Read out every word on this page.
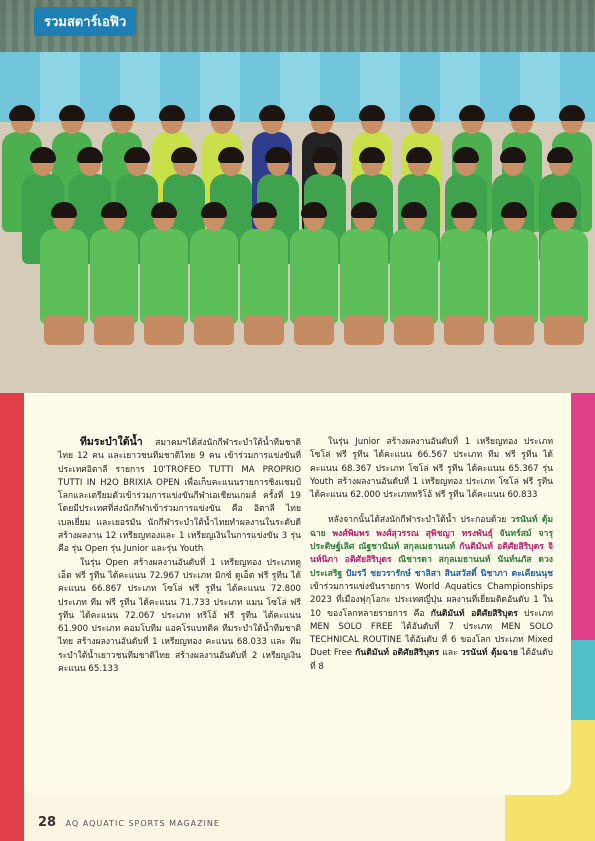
รวมสตาร์เอฟิว

ทีมระบำใต้น้ำ สมาคมฯได้ส่งนักกีฬาระบำใต้น้ำทีมชาติไทย 12 คน และเยาวชนทีมชาติไทย 9 คน เข้าร่วมการแข่งขันที่ประเทศอิตาลี รายการ 10'TROFEO TUTTI MA PROPRIO TUTTI IN H2O BRIXIA OPEN เพื่อเก็บคะแนนรายการชิงแชมป์โลกและเตรียมตัวเข้าร่วมการแข่งขันกีฬาเอเชียนเกมส์ ครั้งที่ 19 โดยมีประเทศที่ส่งนักกีฬาเข้าร่วมการแข่งขัน คือ อิตาลี ไทย เบลเยี่ยม และเยอรมัน นักกีฬาระบำใต้น้ำไทยทำผลงานในระดับดีสร้างผลงาน 12 เหรียญทองและ 1 เหรียญเงินในการแข่งขัน 3 รุ่น คือ รุ่น Open รุ่น Junior และรุ่น Youth

ในรุ่น Open สร้างผลงานอันดับที่ 1 เหรียญทอง ประเภทดูเอ็ต ฟรี รูทีน ได้คะแนน 72.967 ประเภท มิกซ์ ดูเอ็ต ฟรี รูทีน ได้คะแนน 66.867 ประเภท โซโล่ ฟรี รูทีน ได้คะแนน 72.800 ประเภท ทีม ฟรี รูทีน ได้คะแนน 71.733 ประเภท แมน โซโล่ ฟรี รูทีน ได้คะแนน 72.067 ประเภท ทริโอ้ ฟรี รูทีน ได้คะแนน 61.900 ประเภท คอมโบทีม แอคโรแบทติค ทีมระบำใต้น้ำทีมชาติไทย สร้างผลงานอันดับที่ 1 เหรียญทอง คะแนน 68.033 และ ทีมระบำใต้น้ำเยาวชนทีมชาติไทย สร้างผลงานอันดับที่ 2 เหรียญเงิน คะแนน 65.133

ในรุ่น Junior สร้างผลงานอันดับที่ 1 เหรียญทอง ประเภทโซโล่ ฟรี รูทีน ได้คะแนน 66.567 ประเภท ทีม ฟรี รูทีน ได้คะแนน 68.367 ประเภท โซโล่ ฟรี รูทีน ได้คะแนน 65.367 รุ่น Youth สร้างผลงานอันดับที่ 1 เหรียญทอง ประเภท โซโล่ ฟรี รูทีน ได้คะแนน 62.000 ประเภททริโอ้ ฟรี รูทีน ได้คะแนน 60.833

หลังจากนั้นได้ส่งนักกีฬาระบำใต้น้ำ ประกอบด้วย วรนันท์ ตุ้มฉาย พงศ์พิมพร พงศ์สุวรรณ สุพิชญา ทรงพันธุ์ จันทร์สม์ จารุประดิษฐ์เลิศ ณัฐชานันท์ สกุลเมธานนท์ กันติมันท์ อติศัยสิริบุตร จินห์นิภา อติศัยสิริบุตร ณิชารดา สกุลเมธานนท์ นันท์นภัส ดวงประเสริฐ ปัมรวี ชยวรารักษ์ ชาลิสา สินสวัสดิ์ นิชาภา ตะเคียนนุช เข้าร่วมการแข่งขันรายการ World Aquatics Championships 2023 ที่เมืองฟุกุโอกะ ประเทศญี่ปุ่น ผลงานที่เยี่ยมติดอันดับ 1 ใน 10 ของโลกหลายรายการ คือ กันติมันท์ อติศัยสิริบุตร ประเภท MEN SOLO FREE ได้อันดับที่ 7 ประเภท MEN SOLO TECHNICAL ROUTINE ได้อันดับ ที่ 6 ของโลก ประเภท Mixed Duet Free กันติมันท์ อติศัยสิริบุตร และ วรนันท์ ตุ้มฉาย ได้อันดับที่ 8

28 AQ AQUATIC SPORTS MAGAZINE
